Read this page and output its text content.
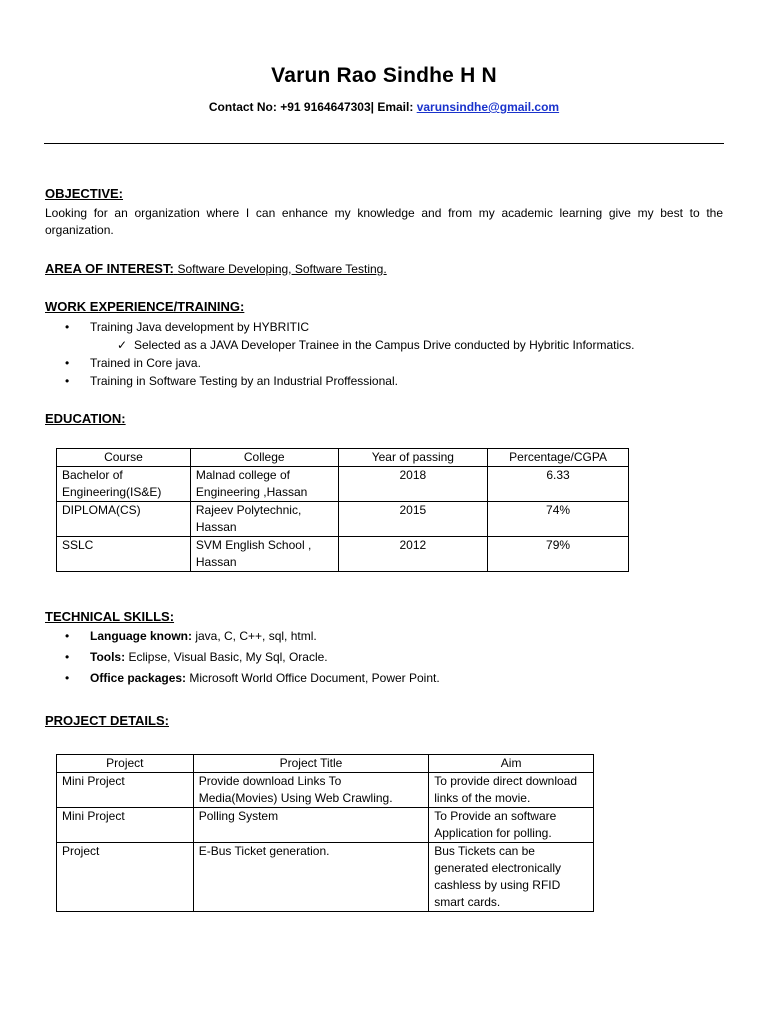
Varun Rao Sindhe H N
Contact No: +91 9164647303| Email: varunsindhe@gmail.com
OBJECTIVE:
Looking for an organization where I can enhance my knowledge and from my academic learning give my best to the organization.
AREA OF INTEREST: Software Developing, Software Testing.
WORK EXPERIENCE/TRAINING:
• Training Java development by HYBRITIC
✓ Selected as a JAVA Developer Trainee in the Campus Drive conducted by Hybritic Informatics.
• Trained in Core java.
• Training in Software Testing by an Industrial Proffessional.
EDUCATION:
Course	College	Year of passing	Percentage/CGPA
Bachelor of Engineering(IS&E)	Malnad college of Engineering ,Hassan	2018	6.33
DIPLOMA(CS)	Rajeev Polytechnic, Hassan	2015	74%
SSLC	SVM English School , Hassan	2012	79%
TECHNICAL SKILLS:
• Language known: java, C, C++, sql, html.
• Tools: Eclipse, Visual Basic, My Sql, Oracle.
• Office packages: Microsoft World Office Document, Power Point.
PROJECT DETAILS:
Project	Project Title	Aim
Mini Project	Provide download Links To Media(Movies) Using Web Crawling.	To provide direct download links of the movie.
Mini Project	Polling System	To Provide an software Application for polling.
Project	E-Bus Ticket generation.	Bus Tickets can be generated electronically cashless by using RFID smart cards.
